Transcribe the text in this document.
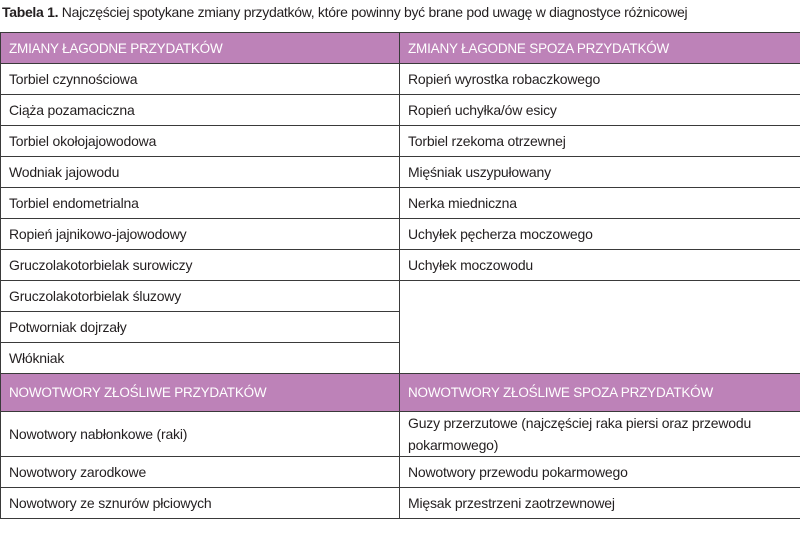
Tabela 1. Najczęściej spotykane zmiany przydatków, które powinny być brane pod uwagę w diagnostyce różnicowej
ZMIANY ŁAGODNE PRZYDATKÓW	ZMIANY ŁAGODNE SPOZA PRZYDATKÓW
Torbiel czynnościowa	Ropień wyrostka robaczkowego
Ciąża pozamaciczna	Ropień uchyłka/ów esicy
Torbiel okołojajowodowa	Torbiel rzekoma otrzewnej
Wodniak jajowodu	Mięśniak uszypułowany
Torbiel endometrialna	Nerka miedniczna
Ropień jajnikowo-jajowodowy	Uchyłek pęcherza moczowego
Gruczolakotorbielak surowiczy	Uchyłek moczowodu
Gruczolakotorbielak śluzowy	
Potworniak dojrzały	
Włókniak	
NOWOTWORY ZŁOŚLIWE PRZYDATKÓW	NOWOTWORY ZŁOŚLIWE SPOZA PRZYDATKÓW
Nowotwory nabłonkowe (raki)	Guzy przerzutowe (najczęściej raka piersi oraz przewodu pokarmowego)
Nowotwory zarodkowe	Nowotwory przewodu pokarmowego
Nowotwory ze sznurów płciowych	Mięsak przestrzeni zaotrzewnowej
